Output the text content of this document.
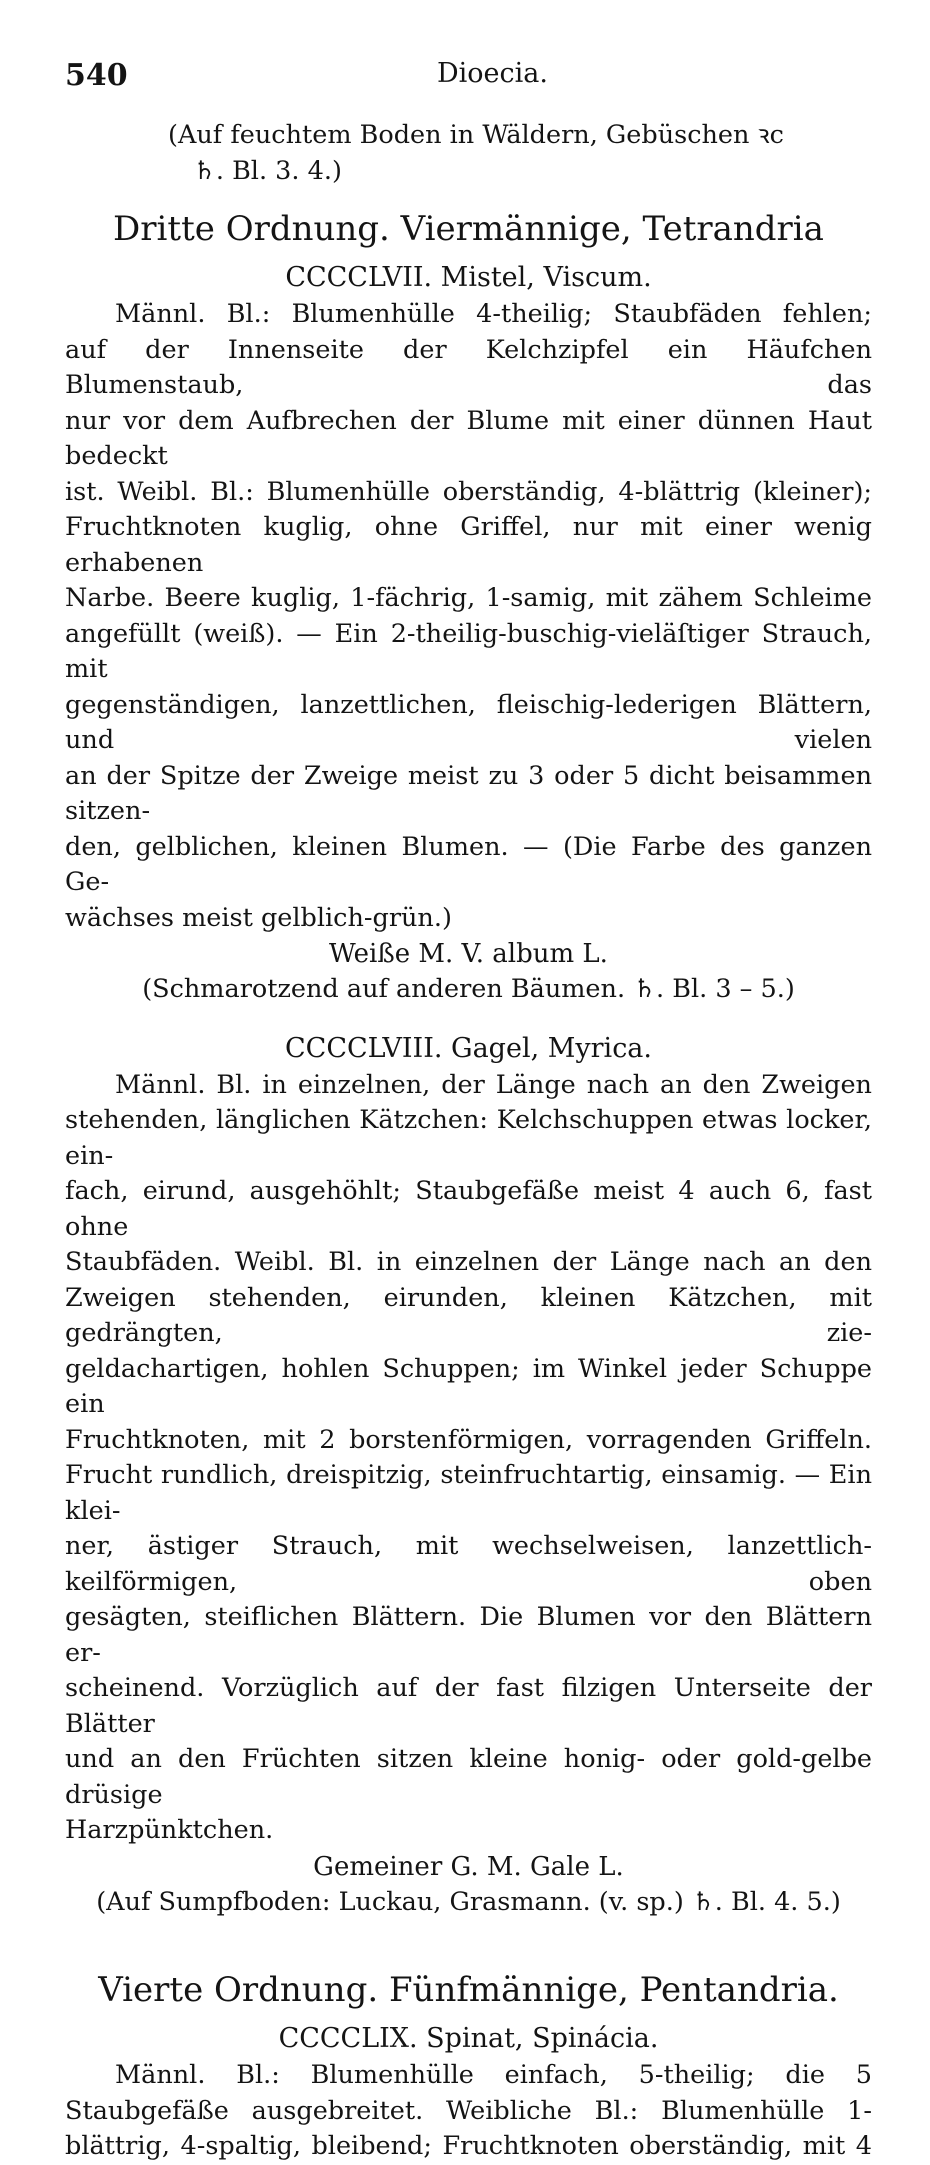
540	Dioecia.
(Auf feuchtem Boden in Wäldern, Gebüschen ꝛc
♄. Bl. 3. 4.)
Dritte Ordnung. Viermännige, Tetrandria
CCCCLVII. Mistel, Viscum.
Männl. Bl.: Blumenhülle 4-theilig; Staubfäden fehlen;
auf der Innenseite der Kelchzipfel ein Häufchen Blumenstaub, das
nur vor dem Aufbrechen der Blume mit einer dünnen Haut bedeckt
ist. Weibl. Bl.: Blumenhülle oberständig, 4-blättrig (kleiner);
Fruchtknoten kuglig, ohne Griffel, nur mit einer wenig erhabenen
Narbe. Beere kuglig, 1-fächrig, 1-samig, mit zähem Schleime
angefüllt (weiß). — Ein 2-theilig-buschig-vieläſtiger Strauch, mit
gegenständigen, lanzettlichen, fleischig-lederigen Blättern, und vielen
an der Spitze der Zweige meist zu 3 oder 5 dicht beisammen sitzen-
den, gelblichen, kleinen Blumen. — (Die Farbe des ganzen Ge-
wächses meist gelblich-grün.)
Weiße M. V. album L.
(Schmarotzend auf anderen Bäumen. ♄. Bl. 3 – 5.)
CCCCLVIII. Gagel, Myrica.
Männl. Bl. in einzelnen, der Länge nach an den Zweigen
stehenden, länglichen Kätzchen: Kelchschuppen etwas locker, ein-
fach, eirund, ausgehöhlt; Staubgefäße meist 4 auch 6, fast ohne
Staubfäden. Weibl. Bl. in einzelnen der Länge nach an den
Zweigen stehenden, eirunden, kleinen Kätzchen, mit gedrängten, zie-
geldachartigen, hohlen Schuppen; im Winkel jeder Schuppe ein
Fruchtknoten, mit 2 borstenförmigen, vorragenden Griffeln.
Frucht rundlich, dreispitzig, steinfruchtartig, einsamig. — Ein klei-
ner, ästiger Strauch, mit wechselweisen, lanzettlich-keilförmigen, oben
gesägten, steiflichen Blättern. Die Blumen vor den Blättern er-
scheinend. Vorzüglich auf der fast filzigen Unterseite der Blätter
und an den Früchten sitzen kleine honig- oder gold-gelbe drüsige
Harzpünktchen.
Gemeiner G. M. Gale L.
(Auf Sumpfboden: Luckau, Grasmann. (v. sp.) ♄. Bl. 4. 5.)
Vierte Ordnung. Fünfmännige, Pentandria.
CCCCLIX. Spinat, Spinácia.
Männl. Bl.: Blumenhülle einfach, 5-theilig; die 5
Staubgefäße ausgebreitet. Weibliche Bl.: Blumenhülle 1-
blättrig, 4-spaltig, bleibend; Fruchtknoten oberständig, mit 4
